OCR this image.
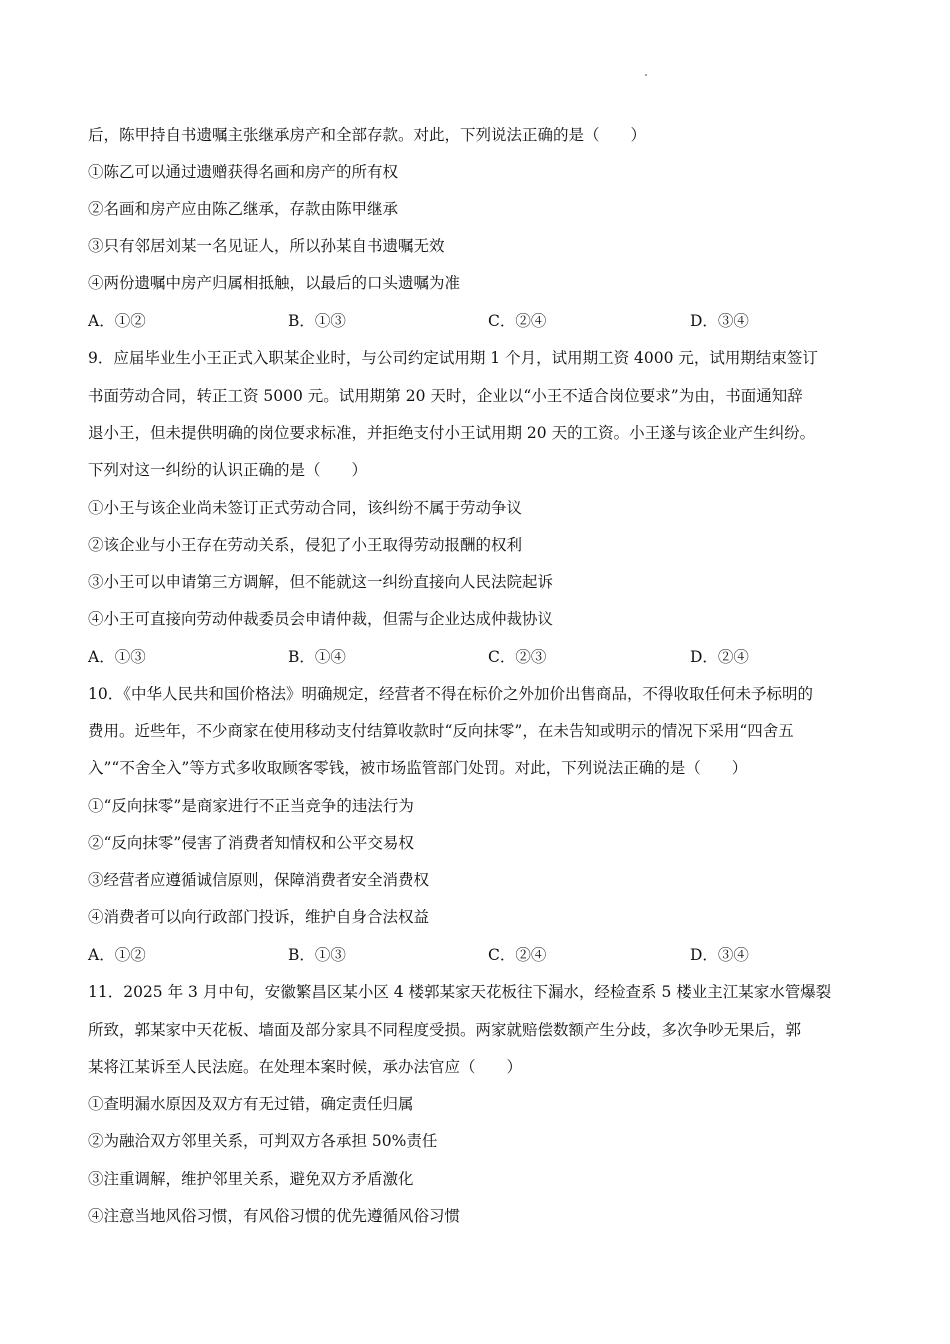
后，陈甲持自书遗嘱主张继承房产和全部存款。对此，下列说法正确的是（　　）
①陈乙可以通过遗赠获得名画和房产的所有权
②名画和房产应由陈乙继承，存款由陈甲继承
③只有邻居刘某一名见证人，所以孙某自书遗嘱无效
④两份遗嘱中房产归属相抵触，以最后的口头遗嘱为准
A．①②	B．①③	C．②④	D．③④
9．应届毕业生小王正式入职某企业时，与公司约定试用期 1 个月，试用期工资 4000 元，试用期结束签订
书面劳动合同，转正工资 5000 元。试用期第 20 天时，企业以“小王不适合岗位要求”为由，书面通知辞
退小王，但未提供明确的岗位要求标准，并拒绝支付小王试用期 20 天的工资。小王遂与该企业产生纠纷。
下列对这一纠纷的认识正确的是（　　）
①小王与该企业尚未签订正式劳动合同，该纠纷不属于劳动争议
②该企业与小王存在劳动关系，侵犯了小王取得劳动报酬的权利
③小王可以申请第三方调解，但不能就这一纠纷直接向人民法院起诉
④小王可直接向劳动仲裁委员会申请仲裁，但需与企业达成仲裁协议
A．①③	B．①④	C．②③	D．②④
10．《中华人民共和国价格法》明确规定，经营者不得在标价之外加价出售商品，不得收取任何未予标明的
费用。近些年，不少商家在使用移动支付结算收款时“反向抹零”，在未告知或明示的情况下采用“四舍五
入”“不舍全入”等方式多收取顾客零钱，被市场监管部门处罚。对此，下列说法正确的是（　　）
①“反向抹零”是商家进行不正当竞争的违法行为
②“反向抹零”侵害了消费者知情权和公平交易权
③经营者应遵循诚信原则，保障消费者安全消费权
④消费者可以向行政部门投诉，维护自身合法权益
A．①②	B．①③	C．②④	D．③④
11．2025 年 3 月中旬，安徽繁昌区某小区 4 楼郭某家天花板往下漏水，经检查系 5 楼业主江某家水管爆裂
所致，郭某家中天花板、墙面及部分家具不同程度受损。两家就赔偿数额产生分歧，多次争吵无果后，郭
某将江某诉至人民法庭。在处理本案时候，承办法官应（　　）
①查明漏水原因及双方有无过错，确定责任归属
②为融洽双方邻里关系，可判双方各承担 50%责任
③注重调解，维护邻里关系，避免双方矛盾激化
④注意当地风俗习惯，有风俗习惯的优先遵循风俗习惯
